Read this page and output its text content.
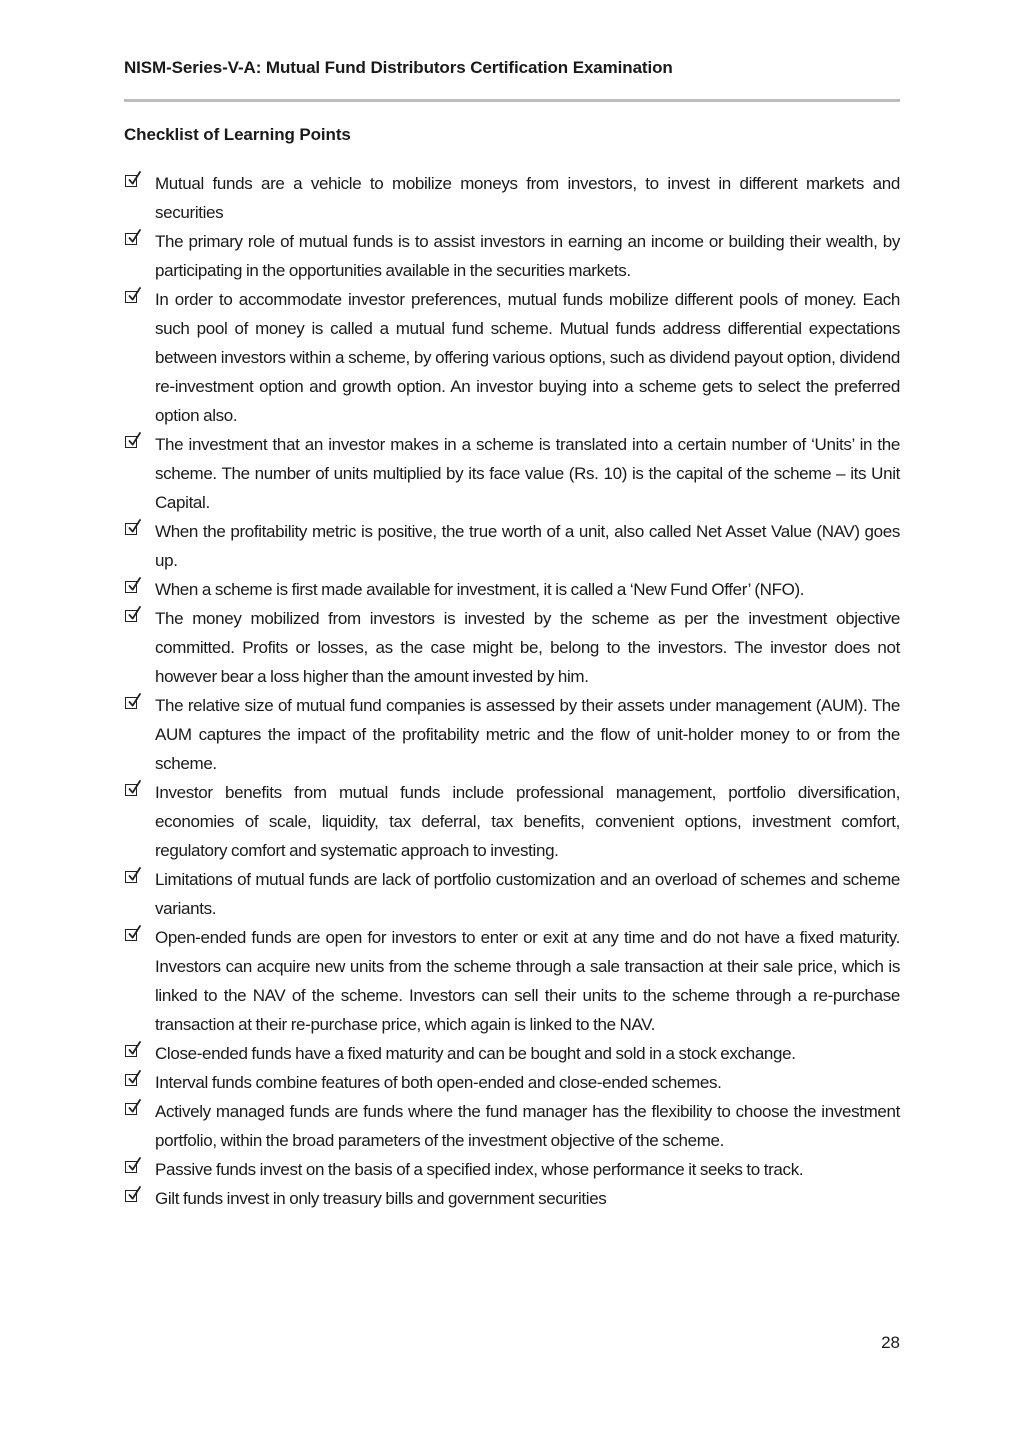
NISM-Series-V-A: Mutual Fund Distributors Certification Examination
Checklist of Learning Points
Mutual funds are a vehicle to mobilize moneys from investors, to invest in different markets and securities
The primary role of mutual funds is to assist investors in earning an income or building their wealth, by participating in the opportunities available in the securities markets.
In order to accommodate investor preferences, mutual funds mobilize different pools of money. Each such pool of money is called a mutual fund scheme. Mutual funds address differential expectations between investors within a scheme, by offering various options, such as dividend payout option, dividend re-investment option and growth option. An investor buying into a scheme gets to select the preferred option also.
The investment that an investor makes in a scheme is translated into a certain number of ‘Units’ in the scheme. The number of units multiplied by its face value (Rs. 10) is the capital of the scheme – its Unit Capital.
When the profitability metric is positive, the true worth of a unit, also called Net Asset Value (NAV) goes up.
When a scheme is first made available for investment, it is called a ‘New Fund Offer’ (NFO).
The money mobilized from investors is invested by the scheme as per the investment objective committed. Profits or losses, as the case might be, belong to the investors. The investor does not however bear a loss higher than the amount invested by him.
The relative size of mutual fund companies is assessed by their assets under management (AUM). The AUM captures the impact of the profitability metric and the flow of unit-holder money to or from the scheme.
Investor benefits from mutual funds include professional management, portfolio diversification, economies of scale, liquidity, tax deferral, tax benefits, convenient options, investment comfort, regulatory comfort and systematic approach to investing.
Limitations of mutual funds are lack of portfolio customization and an overload of schemes and scheme variants.
Open-ended funds are open for investors to enter or exit at any time and do not have a fixed maturity. Investors can acquire new units from the scheme through a sale transaction at their sale price, which is linked to the NAV of the scheme. Investors can sell their units to the scheme through a re-purchase transaction at their re-purchase price, which again is linked to the NAV.
Close-ended funds have a fixed maturity and can be bought and sold in a stock exchange.
Interval funds combine features of both open-ended and close-ended schemes.
Actively managed funds are funds where the fund manager has the flexibility to choose the investment portfolio, within the broad parameters of the investment objective of the scheme.
Passive funds invest on the basis of a specified index, whose performance it seeks to track.
Gilt funds invest in only treasury bills and government securities
28
